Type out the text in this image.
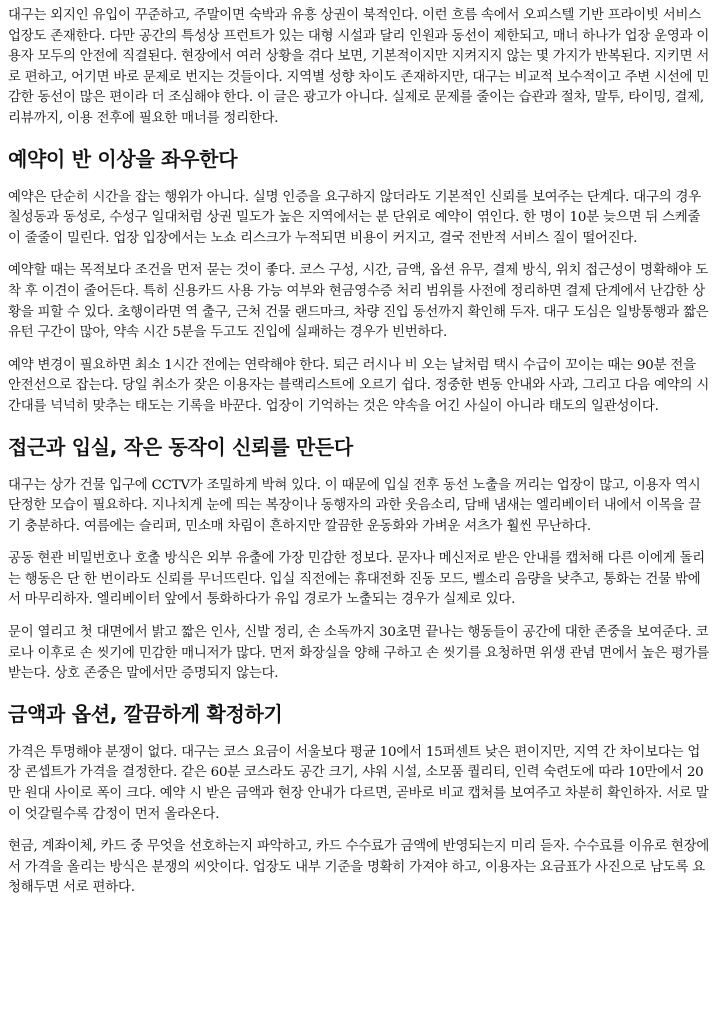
대구는 외지인 유입이 꾸준하고, 주말이면 숙박과 유흥 상권이 북적인다. 이런 흐름 속에서 오피스텔 기반 프라이빗 서비스 업장도 존재한다. 다만 공간의 특성상 프런트가 있는 대형 시설과 달리 인원과 동선이 제한되고, 매너 하나가 업장 운영과 이용자 모두의 안전에 직결된다. 현장에서 여러 상황을 겪다 보면, 기본적이지만 지켜지지 않는 몇 가지가 반복된다. 지키면 서로 편하고, 어기면 바로 문제로 번지는 것들이다. 지역별 성향 차이도 존재하지만, 대구는 비교적 보수적이고 주변 시선에 민감한 동선이 많은 편이라 더 조심해야 한다. 이 글은 광고가 아니다. 실제로 문제를 줄이는 습관과 절차, 말투, 타이밍, 결제, 리뷰까지, 이용 전후에 필요한 매너를 정리한다.

예약이 반 이상을 좌우한다

예약은 단순히 시간을 잡는 행위가 아니다. 실명 인증을 요구하지 않더라도 기본적인 신뢰를 보여주는 단계다. 대구의 경우 칠성동과 동성로, 수성구 일대처럼 상권 밀도가 높은 지역에서는 분 단위로 예약이 엮인다. 한 명이 10분 늦으면 뒤 스케줄이 줄줄이 밀린다. 업장 입장에서는 노쇼 리스크가 누적되면 비용이 커지고, 결국 전반적 서비스 질이 떨어진다.

예약할 때는 목적보다 조건을 먼저 묻는 것이 좋다. 코스 구성, 시간, 금액, 옵션 유무, 결제 방식, 위치 접근성이 명확해야 도착 후 이견이 줄어든다. 특히 신용카드 사용 가능 여부와 현금영수증 처리 범위를 사전에 정리하면 결제 단계에서 난감한 상황을 피할 수 있다. 초행이라면 역 출구, 근처 건물 랜드마크, 차량 진입 동선까지 확인해 두자. 대구 도심은 일방통행과 짧은 유턴 구간이 많아, 약속 시간 5분을 두고도 진입에 실패하는 경우가 빈번하다.

예약 변경이 필요하면 최소 1시간 전에는 연락해야 한다. 퇴근 러시나 비 오는 날처럼 택시 수급이 꼬이는 때는 90분 전을 안전선으로 잡는다. 당일 취소가 잦은 이용자는 블랙리스트에 오르기 쉽다. 정중한 변동 안내와 사과, 그리고 다음 예약의 시간대를 넉넉히 맞추는 태도는 기록을 바꾼다. 업장이 기억하는 것은 약속을 어긴 사실이 아니라 태도의 일관성이다.

접근과 입실, 작은 동작이 신뢰를 만든다

대구는 상가 건물 입구에 CCTV가 조밀하게 박혀 있다. 이 때문에 입실 전후 동선 노출을 꺼리는 업장이 많고, 이용자 역시 단정한 모습이 필요하다. 지나치게 눈에 띄는 복장이나 동행자의 과한 웃음소리, 담배 냄새는 엘리베이터 내에서 이목을 끌기 충분하다. 여름에는 슬리퍼, 민소매 차림이 흔하지만 깔끔한 운동화와 가벼운 셔츠가 훨씬 무난하다.

공동 현관 비밀번호나 호출 방식은 외부 유출에 가장 민감한 정보다. 문자나 메신저로 받은 안내를 캡처해 다른 이에게 돌리는 행동은 단 한 번이라도 신뢰를 무너뜨린다. 입실 직전에는 휴대전화 진동 모드, 벨소리 음량을 낮추고, 통화는 건물 밖에서 마무리하자. 엘리베이터 앞에서 통화하다가 유입 경로가 노출되는 경우가 실제로 있다.

문이 열리고 첫 대면에서 밝고 짧은 인사, 신발 정리, 손 소독까지 30초면 끝나는 행동들이 공간에 대한 존중을 보여준다. 코로나 이후로 손 씻기에 민감한 매니저가 많다. 먼저 화장실을 양해 구하고 손 씻기를 요청하면 위생 관념 면에서 높은 평가를 받는다. 상호 존중은 말에서만 증명되지 않는다.

금액과 옵션, 깔끔하게 확정하기

가격은 투명해야 분쟁이 없다. 대구는 코스 요금이 서울보다 평균 10에서 15퍼센트 낮은 편이지만, 지역 간 차이보다는 업장 콘셉트가 가격을 결정한다. 같은 60분 코스라도 공간 크기, 샤워 시설, 소모품 퀄리티, 인력 숙련도에 따라 10만에서 20만 원대 사이로 폭이 크다. 예약 시 받은 금액과 현장 안내가 다르면, 곧바로 비교 캡처를 보여주고 차분히 확인하자. 서로 말이 엇갈릴수록 감정이 먼저 올라온다.

현금, 계좌이체, 카드 중 무엇을 선호하는지 파악하고, 카드 수수료가 금액에 반영되는지 미리 듣자. 수수료를 이유로 현장에서 가격을 올리는 방식은 분쟁의 씨앗이다. 업장도 내부 기준을 명확히 가져야 하고, 이용자는 요금표가 사진으로 남도록 요청해두면 서로 편하다.
